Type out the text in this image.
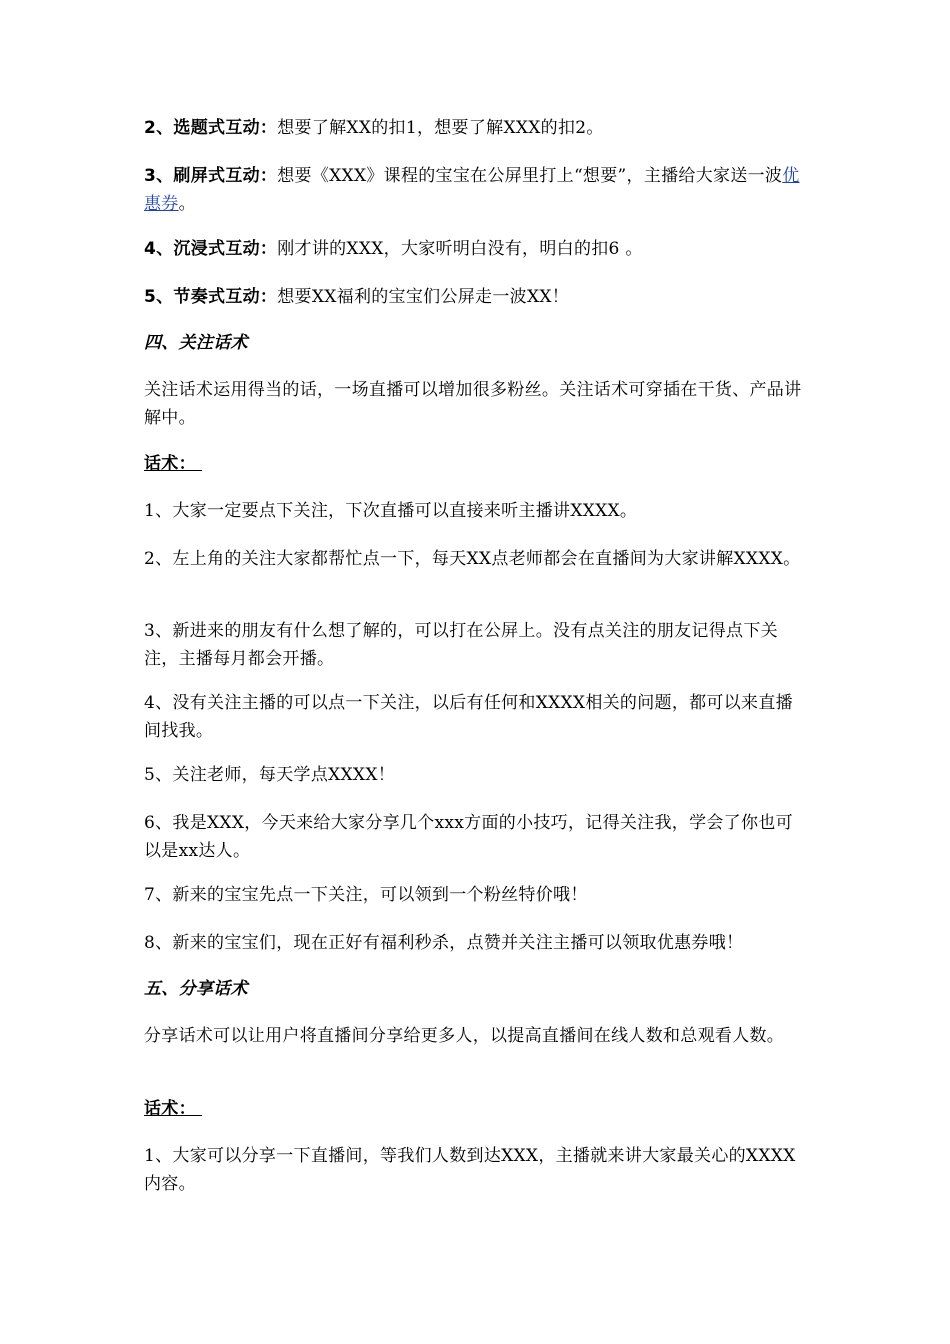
2、选题式互动：想要了解XX的扣1，想要了解XXX的扣2。
3、刷屏式互动：想要《XXX》课程的宝宝在公屏里打上“想要”，主播给大家送一波优惠券。
4、沉浸式互动：刚才讲的XXX，大家听明白没有，明白的扣6 。
5、节奏式互动：想要XX福利的宝宝们公屏走一波XX！
四、关注话术
关注话术运用得当的话，一场直播可以增加很多粉丝。关注话术可穿插在干货、产品讲解中。
话术：
1、大家一定要点下关注，下次直播可以直接来听主播讲XXXX。
2、左上角的关注大家都帮忙点一下，每天XX点老师都会在直播间为大家讲解XXXX。
3、新进来的朋友有什么想了解的，可以打在公屏上。没有点关注的朋友记得点下关注，主播每月都会开播。
4、没有关注主播的可以点一下关注，以后有任何和XXXX相关的问题，都可以来直播间找我。
5、关注老师，每天学点XXXX！
6、我是XXX，今天来给大家分享几个xxx方面的小技巧，记得关注我，学会了你也可以是xx达人。
7、新来的宝宝先点一下关注，可以领到一个粉丝特价哦！
8、新来的宝宝们，现在正好有福利秒杀，点赞并关注主播可以领取优惠券哦！
五、分享话术
分享话术可以让用户将直播间分享给更多人，以提高直播间在线人数和总观看人数。
话术：
1、大家可以分享一下直播间，等我们人数到达XXX，主播就来讲大家最关心的XXXX内容。
